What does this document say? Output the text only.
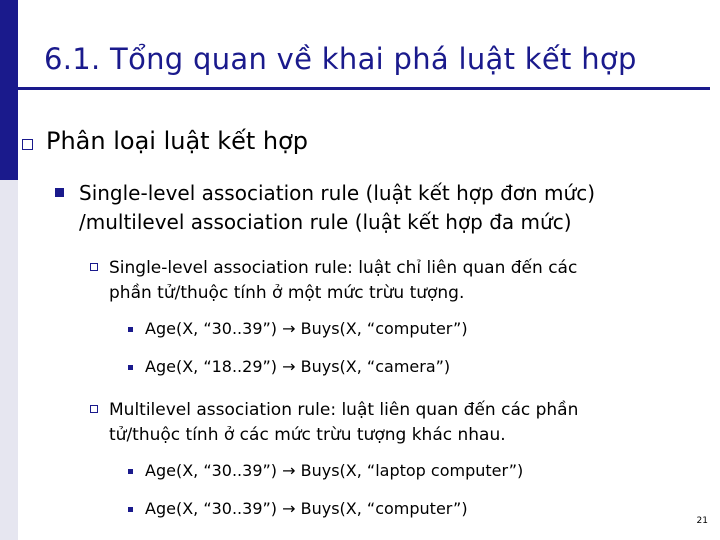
6.1. Tổng quan về khai phá luật kết hợp
Phân loại luật kết hợp
Single-level association rule (luật kết hợp đơn mức)
/multilevel association rule (luật kết hợp đa mức)
Single-level association rule: luật chỉ liên quan đến các
phần tử/thuộc tính ở một mức trừu tượng.
Age(X, “30..39”) → Buys(X, “computer”)
Age(X, “18..29”) → Buys(X, “camera”)
Multilevel association rule: luật liên quan đến các phần
tử/thuộc tính ở các mức trừu tượng khác nhau.
Age(X, “30..39”) → Buys(X, “laptop computer”)
Age(X, “30..39”) → Buys(X, “computer”)
21
